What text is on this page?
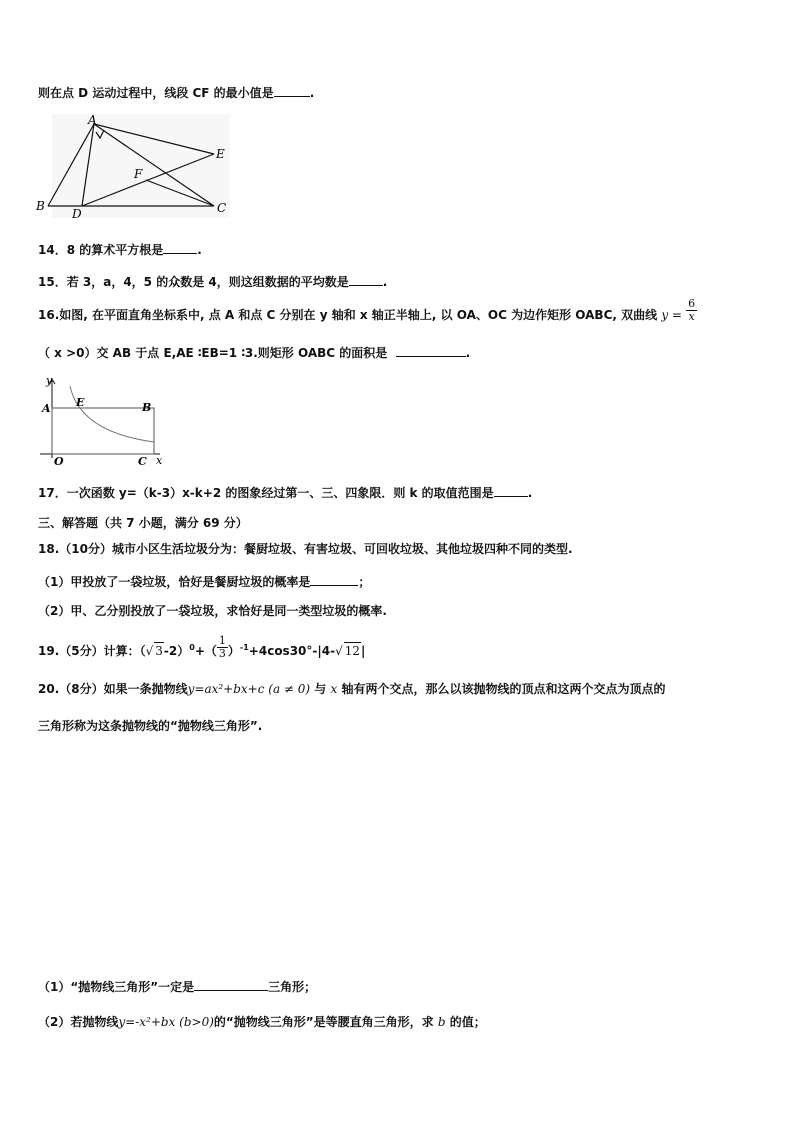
则在点 D 运动过程中，线段 CF 的最小值是	.
A
B	C
D
E
F
14．8 的算术平方根是	.
15．若 3，a，4，5 的众数是 4，则这组数据的平均数是	.
16.如图, 在平面直角坐标系中, 点 A 和点 C 分别在 y 轴和 x 轴正半轴上, 以 OA、OC 为边作矩形 OABC, 双曲线 $y = \frac{6}{x}$
（ x >0）交 AB 于点 E,AE ∶EB=1 ∶3.则矩形 OABC 的面积是	.
y
A E	B
O	C x
17．一次函数 y=（k-3）x-k+2 的图象经过第一、三、四象限．则 k 的取值范围是	.
三、解答题（共 7 小题，满分 69 分）
18.（10分）城市小区生活垃圾分为：餐厨垃圾、有害垃圾、可回收垃圾、其他垃圾四种不同的类型.
（1）甲投放了一袋垃圾，恰好是餐厨垃圾的概率是	；
（2）甲、乙分别投放了一袋垃圾，求恰好是同一类型垃圾的概率.
19.（5分）计算：（√ $3-2)^0+( \frac{1}{3} )^{-1}+4\cos 30^\circ-|4-√$ 12|
20.（8分）如果一条抛物线y=ax²+bx+c (a ≠ 0) 与 x 轴有两个交点，那么以该抛物线的顶点和这两个交点为顶点的
三角形称为这条抛物线的“抛物线三角形”.
（1）“抛物线三角形”一定是	三角形；
（2）若抛物线y=-x²+bx (b>0)的“抛物线三角形”是等腰直角三角形，求 b 的值；
